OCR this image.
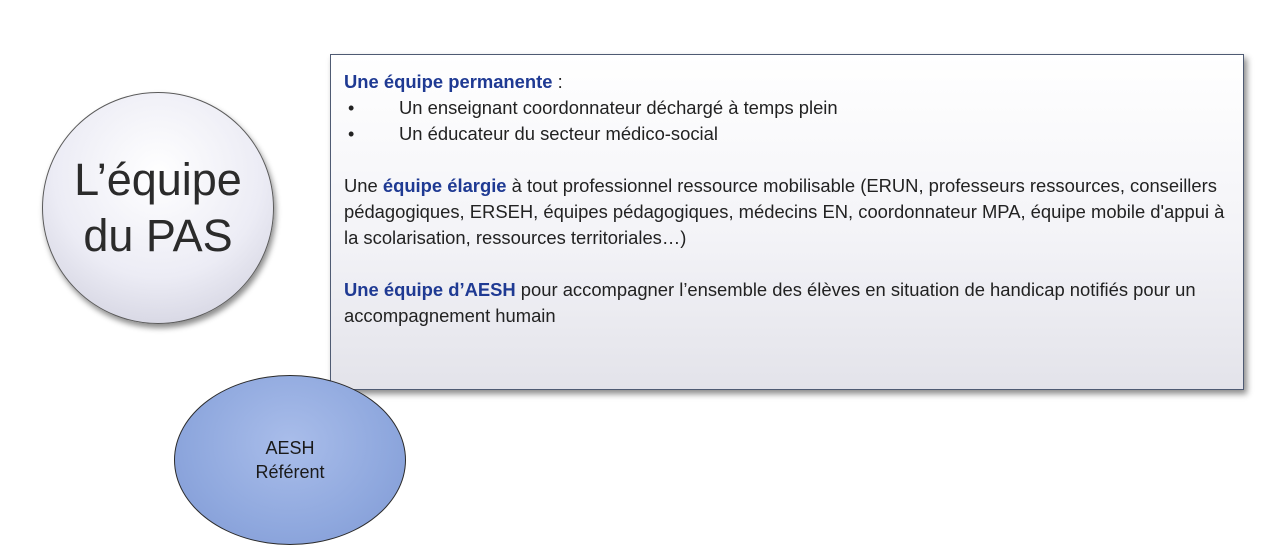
Une équipe permanente :

• Un enseignant coordonnateur déchargé à temps plein
• Un éducateur du secteur médico-social

Une équipe élargie à tout professionnel ressource mobilisable (ERUN, professeurs ressources, conseillers pédagogiques, ERSEH, équipes pédagogiques, médecins EN, coordonnateur MPA, équipe mobile d'appui à la scolarisation, ressources territoriales…)

Une équipe d’AESH pour accompagner l’ensemble des élèves en situation de handicap notifiés pour un accompagnement humain

L’équipe
du PAS
AESH
Référent
